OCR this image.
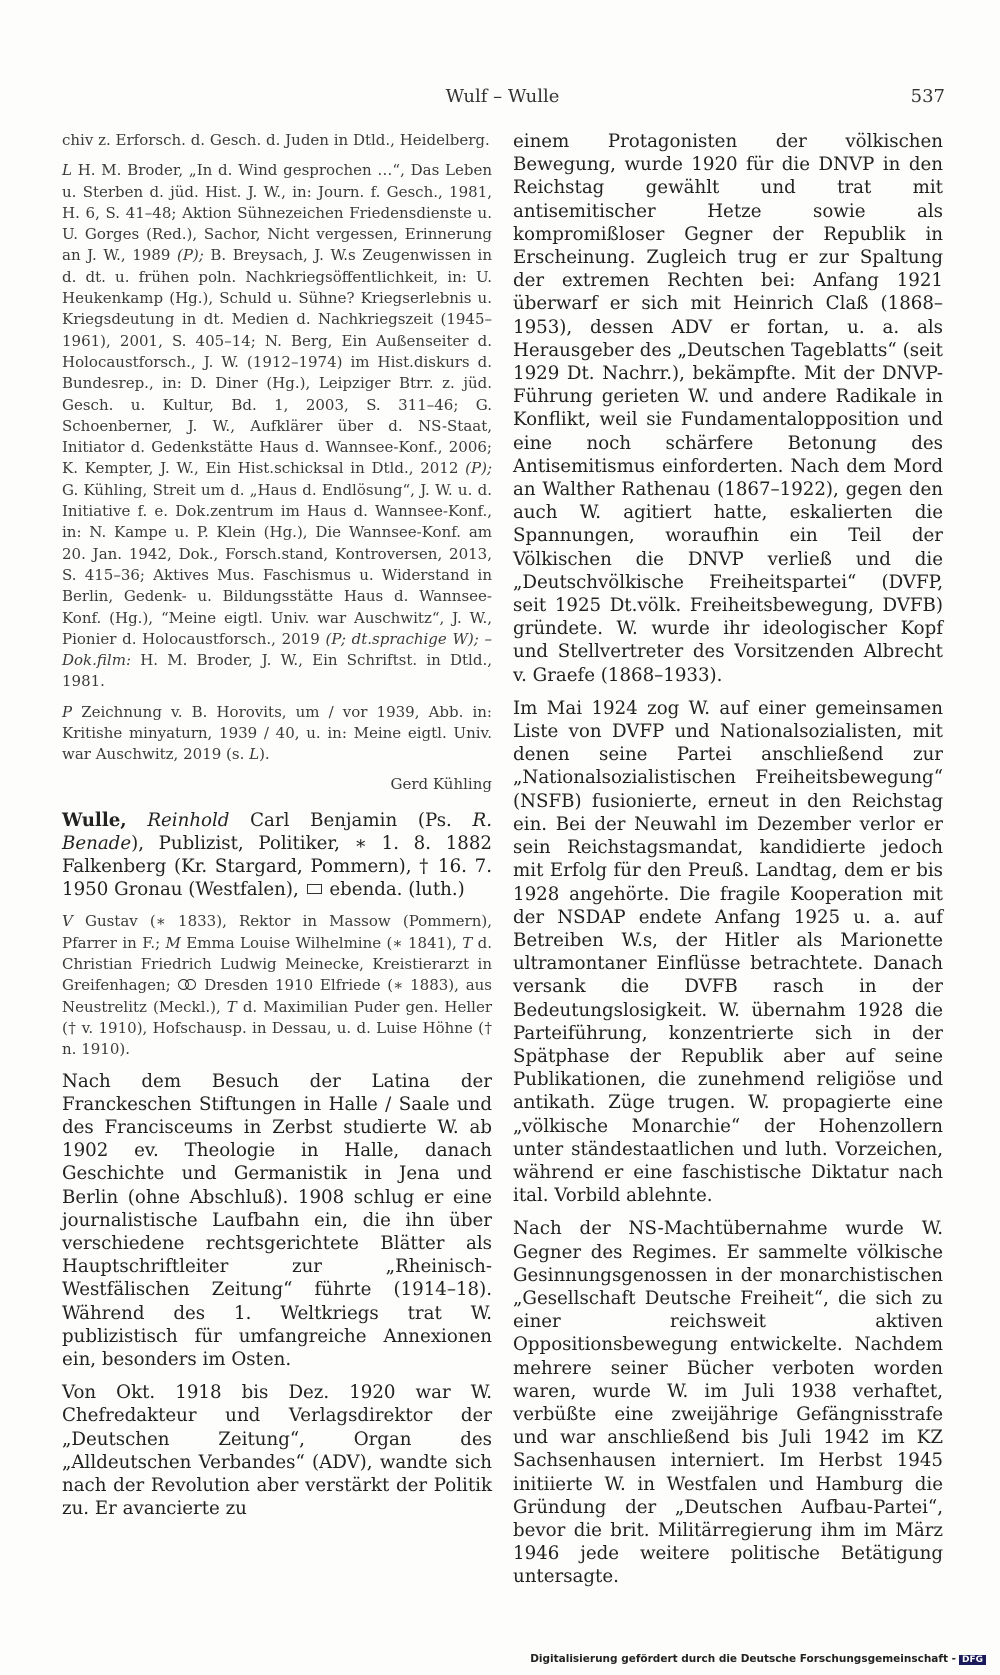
Wulf – Wulle	537

chiv z. Erforsch. d. Gesch. d. Juden in Dtld., Heidelberg.

L H. M. Broder, „In d. Wind gesprochen …“, Das Leben u. Sterben d. jüd. Hist. J. W., in: Journ. f. Gesch., 1981, H. 6, S. 41–48; Aktion Sühnezeichen Friedensdienste u. U. Gorges (Red.), Sachor, Nicht vergessen, Erinnerung an J. W., 1989 (P); B. Breysach, J. W.s Zeugenwissen in d. dt. u. frühen poln. Nachkriegsöffentlichkeit, in: U. Heukenkamp (Hg.), Schuld u. Sühne? Kriegserlebnis u. Kriegsdeutung in dt. Medien d. Nachkriegszeit (1945–1961), 2001, S. 405–14; N. Berg, Ein Außenseiter d. Holocaustforsch., J. W. (1912–1974) im Hist.diskurs d. Bundesrep., in: D. Diner (Hg.), Leipziger Btrr. z. jüd. Gesch. u. Kultur, Bd. 1, 2003, S. 311–46; G. Schoenberner, J. W., Aufklärer über d. NS-Staat, Initiator d. Gedenkstätte Haus d. Wannsee-Konf., 2006; K. Kempter, J. W., Ein Hist.schicksal in Dtld., 2012 (P); G. Kühling, Streit um d. „Haus d. Endlösung“, J. W. u. d. Initiative f. e. Dok.zentrum im Haus d. Wannsee-Konf., in: N. Kampe u. P. Klein (Hg.), Die Wannsee-Konf. am 20. Jan. 1942, Dok., Forsch.stand, Kontroversen, 2013, S. 415–36; Aktives Mus. Faschismus u. Widerstand in Berlin, Gedenk- u. Bildungsstätte Haus d. Wannsee-Konf. (Hg.), “Meine eigtl. Univ. war Auschwitz“, J. W., Pionier d. Holocaustforsch., 2019 (P; dt.sprachige W); – Dok.film: H. M. Broder, J. W., Ein Schriftst. in Dtld., 1981.

P Zeichnung v. B. Horovits, um / vor 1939, Abb. in: Kritishe minyaturn, 1939 / 40, u. in: Meine eigtl. Univ. war Auschwitz, 2019 (s. L).

Gerd Kühling

Wulle, Reinhold Carl Benjamin (Ps. R. Benade), Publizist, Politiker, ∗ 1. 8. 1882 Falkenberg (Kr. Stargard, Pommern), † 16. 7. 1950 Gronau (Westfalen),  ebenda. (luth.)

V Gustav (∗ 1833), Rektor in Massow (Pommern), Pfarrer in F.; M Emma Louise Wilhelmine (∗ 1841), T d. Christian Friedrich Ludwig Meinecke, Kreistierarzt in Greifenhagen;  Dresden 1910 Elfriede (∗ 1883), aus Neustrelitz (Meckl.), T d. Maximilian Puder gen. Heller († v. 1910), Hofschausp. in Dessau, u. d. Luise Höhne († n. 1910).

Nach dem Besuch der Latina der Franckeschen Stiftungen in Halle / Saale und des Francisceums in Zerbst studierte W. ab 1902 ev. Theologie in Halle, danach Geschichte und Germanistik in Jena und Berlin (ohne Abschluß). 1908 schlug er eine journalistische Laufbahn ein, die ihn über verschiedene rechtsgerichtete Blätter als Hauptschriftleiter zur „Rheinisch-Westfälischen Zeitung“ führte (1914–18). Während des 1. Weltkriegs trat W. publizistisch für umfangreiche Annexionen ein, besonders im Osten.

Von Okt. 1918 bis Dez. 1920 war W. Chefredakteur und Verlagsdirektor der „Deutschen Zeitung“, Organ des „Alldeutschen Verbandes“ (ADV), wandte sich nach der Revolution aber verstärkt der Politik zu. Er avancierte zu

einem Protagonisten der völkischen Bewegung, wurde 1920 für die DNVP in den Reichstag gewählt und trat mit antisemitischer Hetze sowie als kompromißloser Gegner der Republik in Erscheinung. Zugleich trug er zur Spaltung der extremen Rechten bei: Anfang 1921 überwarf er sich mit Heinrich Claß (1868–1953), dessen ADV er fortan, u. a. als Herausgeber des „Deutschen Tageblatts“ (seit 1929 Dt. Nachrr.), bekämpfte. Mit der DNVP-Führung gerieten W. und andere Radikale in Konflikt, weil sie Fundamentalopposition und eine noch schärfere Betonung des Antisemitismus einforderten. Nach dem Mord an Walther Rathenau (1867–1922), gegen den auch W. agitiert hatte, eskalierten die Spannungen, woraufhin ein Teil der Völkischen die DNVP verließ und die „Deutschvölkische Freiheitspartei“ (DVFP, seit 1925 Dt.völk. Freiheitsbewegung, DVFB) gründete. W. wurde ihr ideologischer Kopf und Stellvertreter des Vorsitzenden Albrecht v. Graefe (1868–1933).

Im Mai 1924 zog W. auf einer gemeinsamen Liste von DVFP und Nationalsozialisten, mit denen seine Partei anschließend zur „Nationalsozialistischen Freiheitsbewegung“ (NSFB) fusionierte, erneut in den Reichstag ein. Bei der Neuwahl im Dezember verlor er sein Reichstagsmandat, kandidierte jedoch mit Erfolg für den Preuß. Landtag, dem er bis 1928 angehörte. Die fragile Kooperation mit der NSDAP endete Anfang 1925 u. a. auf Betreiben W.s, der Hitler als Marionette ultramontaner Einflüsse betrachtete. Danach versank die DVFB rasch in der Bedeutungslosigkeit. W. übernahm 1928 die Parteiführung, konzentrierte sich in der Spätphase der Republik aber auf seine Publikationen, die zunehmend religiöse und antikath. Züge trugen. W. propagierte eine „völkische Monarchie“ der Hohenzollern unter ständestaatlichen und luth. Vorzeichen, während er eine faschistische Diktatur nach ital. Vorbild ablehnte.

Nach der NS-Machtübernahme wurde W. Gegner des Regimes. Er sammelte völkische Gesinnungsgenossen in der monarchistischen „Gesellschaft Deutsche Freiheit“, die sich zu einer reichsweit aktiven Oppositionsbewegung entwickelte. Nachdem mehrere seiner Bücher verboten worden waren, wurde W. im Juli 1938 verhaftet, verbüßte eine zweijährige Gefängnisstrafe und war anschließend bis Juli 1942 im KZ Sachsenhausen interniert. Im Herbst 1945 initiierte W. in Westfalen und Hamburg die Gründung der „Deutschen Aufbau-Partei“, bevor die brit. Militärregierung ihm im März 1946 jede weitere politische Betätigung untersagte.

Digitalisierung gefördert durch die Deutsche Forschungsgemeinschaft - DFG
